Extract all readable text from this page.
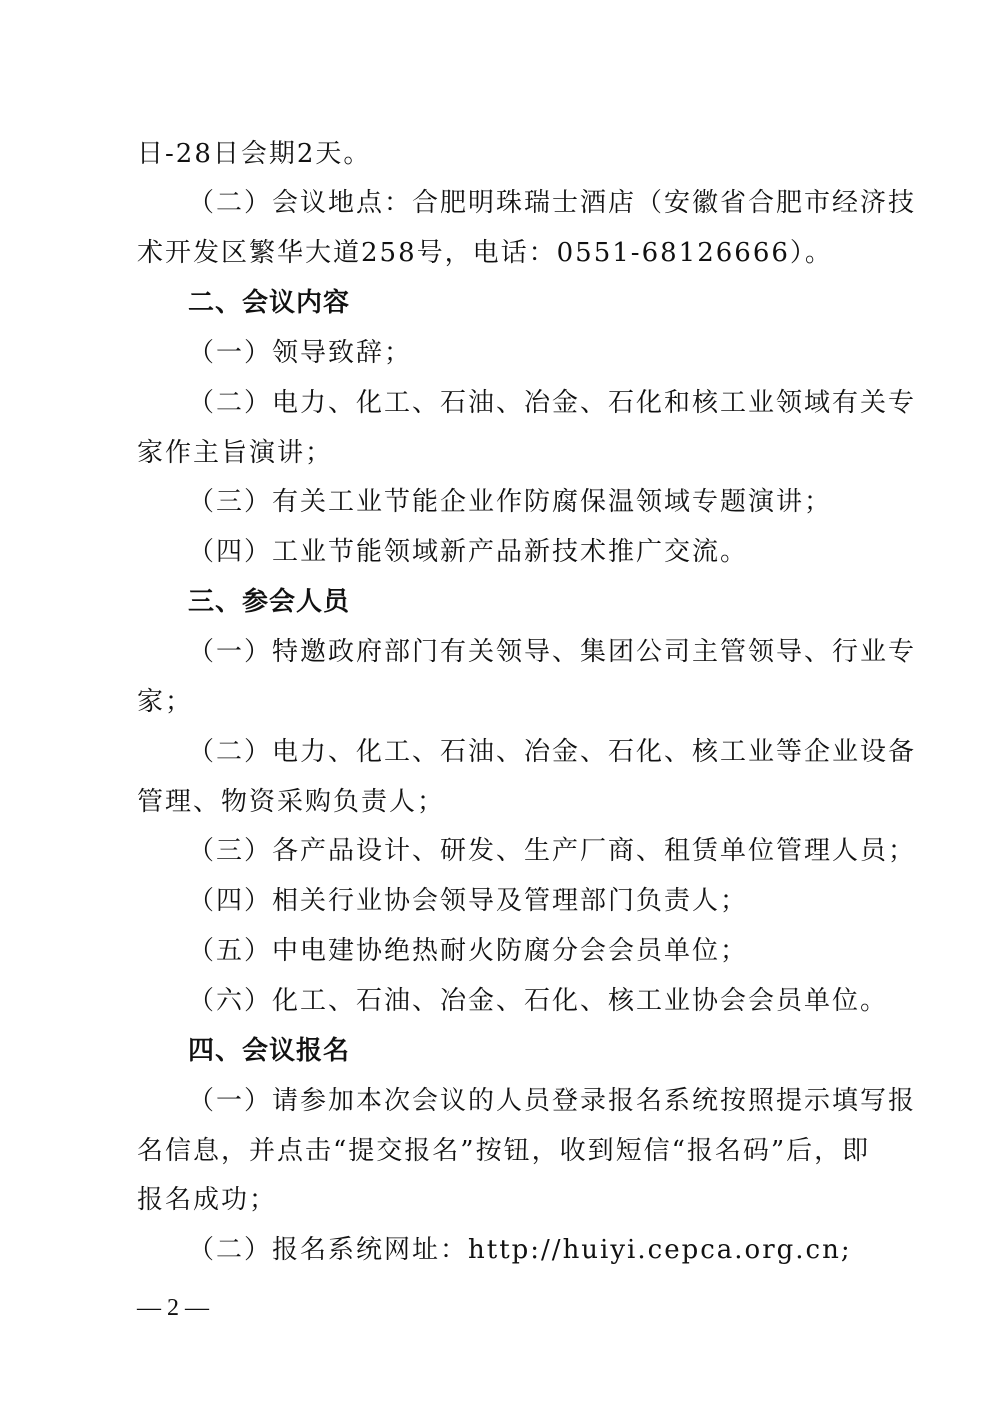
日-28日会期2天。
（二）会议地点：合肥明珠瑞士酒店（安徽省合肥市经济技
术开发区繁华大道258号，电话：0551-68126666）。
二、会议内容
（一）领导致辞；
（二）电力、化工、石油、冶金、石化和核工业领域有关专
家作主旨演讲；
（三）有关工业节能企业作防腐保温领域专题演讲；
（四）工业节能领域新产品新技术推广交流。
三、参会人员
（一）特邀政府部门有关领导、集团公司主管领导、行业专
家；
（二）电力、化工、石油、冶金、石化、核工业等企业设备
管理、物资采购负责人；
（三）各产品设计、研发、生产厂商、租赁单位管理人员；
（四）相关行业协会领导及管理部门负责人；
（五）中电建协绝热耐火防腐分会会员单位；
（六）化工、石油、冶金、石化、核工业协会会员单位。
四、会议报名
（一）请参加本次会议的人员登录报名系统按照提示填写报
名信息，并点击“提交报名”按钮，收到短信“报名码”后，即
报名成功；
（二）报名系统网址：http://huiyi.cepca.org.cn;
— 2 —
